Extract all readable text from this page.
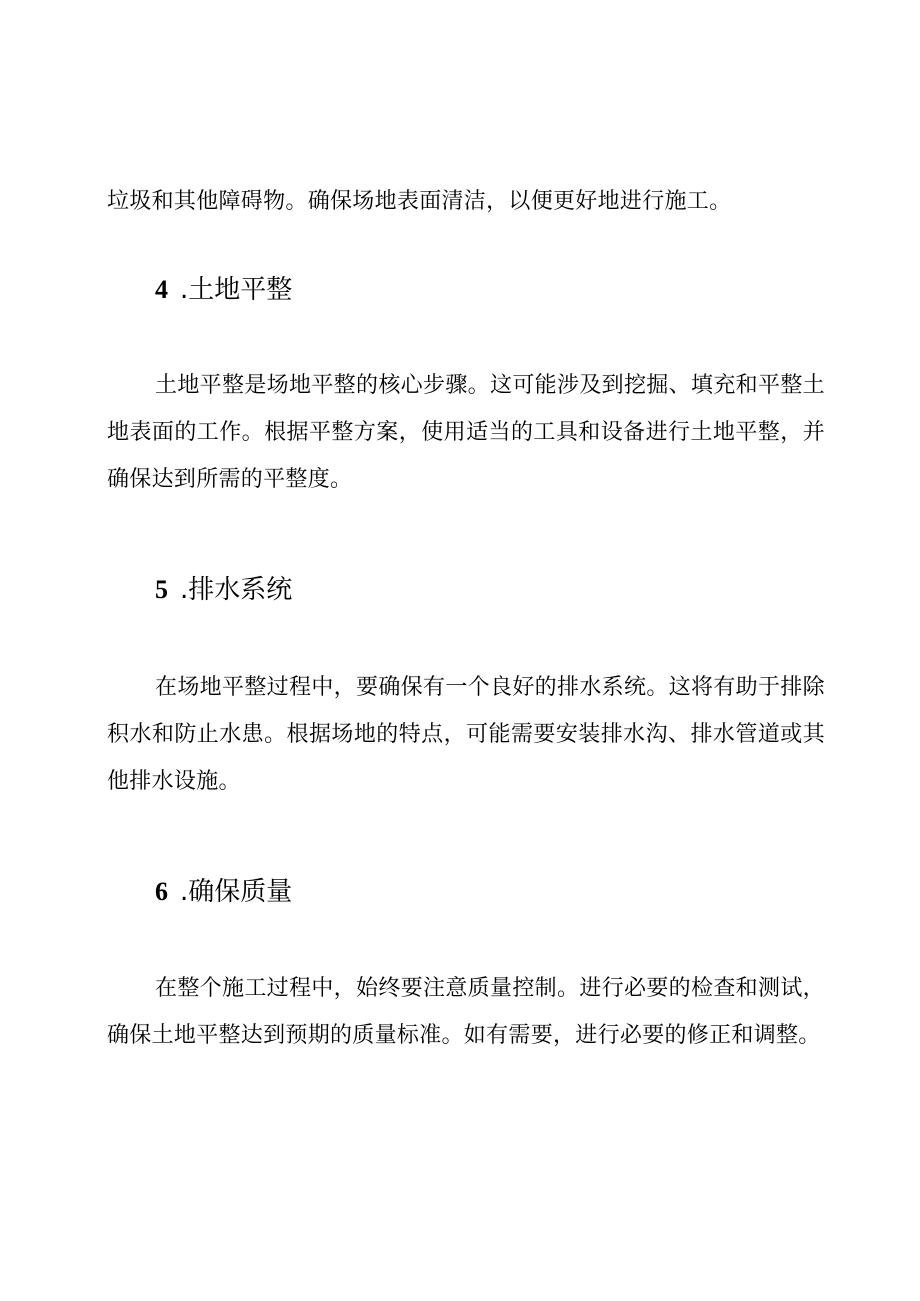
垃圾和其他障碍物。确保场地表面清洁，以便更好地进行施工。

4 .土地平整

土地平整是场地平整的核心步骤。这可能涉及到挖掘、填充和平整土地表面的工作。根据平整方案，使用适当的工具和设备进行土地平整，并确保达到所需的平整度。

5 .排水系统

在场地平整过程中，要确保有一个良好的排水系统。这将有助于排除积水和防止水患。根据场地的特点，可能需要安装排水沟、排水管道或其他排水设施。

6 .确保质量

在整个施工过程中，始终要注意质量控制。进行必要的检查和测试，确保土地平整达到预期的质量标准。如有需要，进行必要的修正和调整。
